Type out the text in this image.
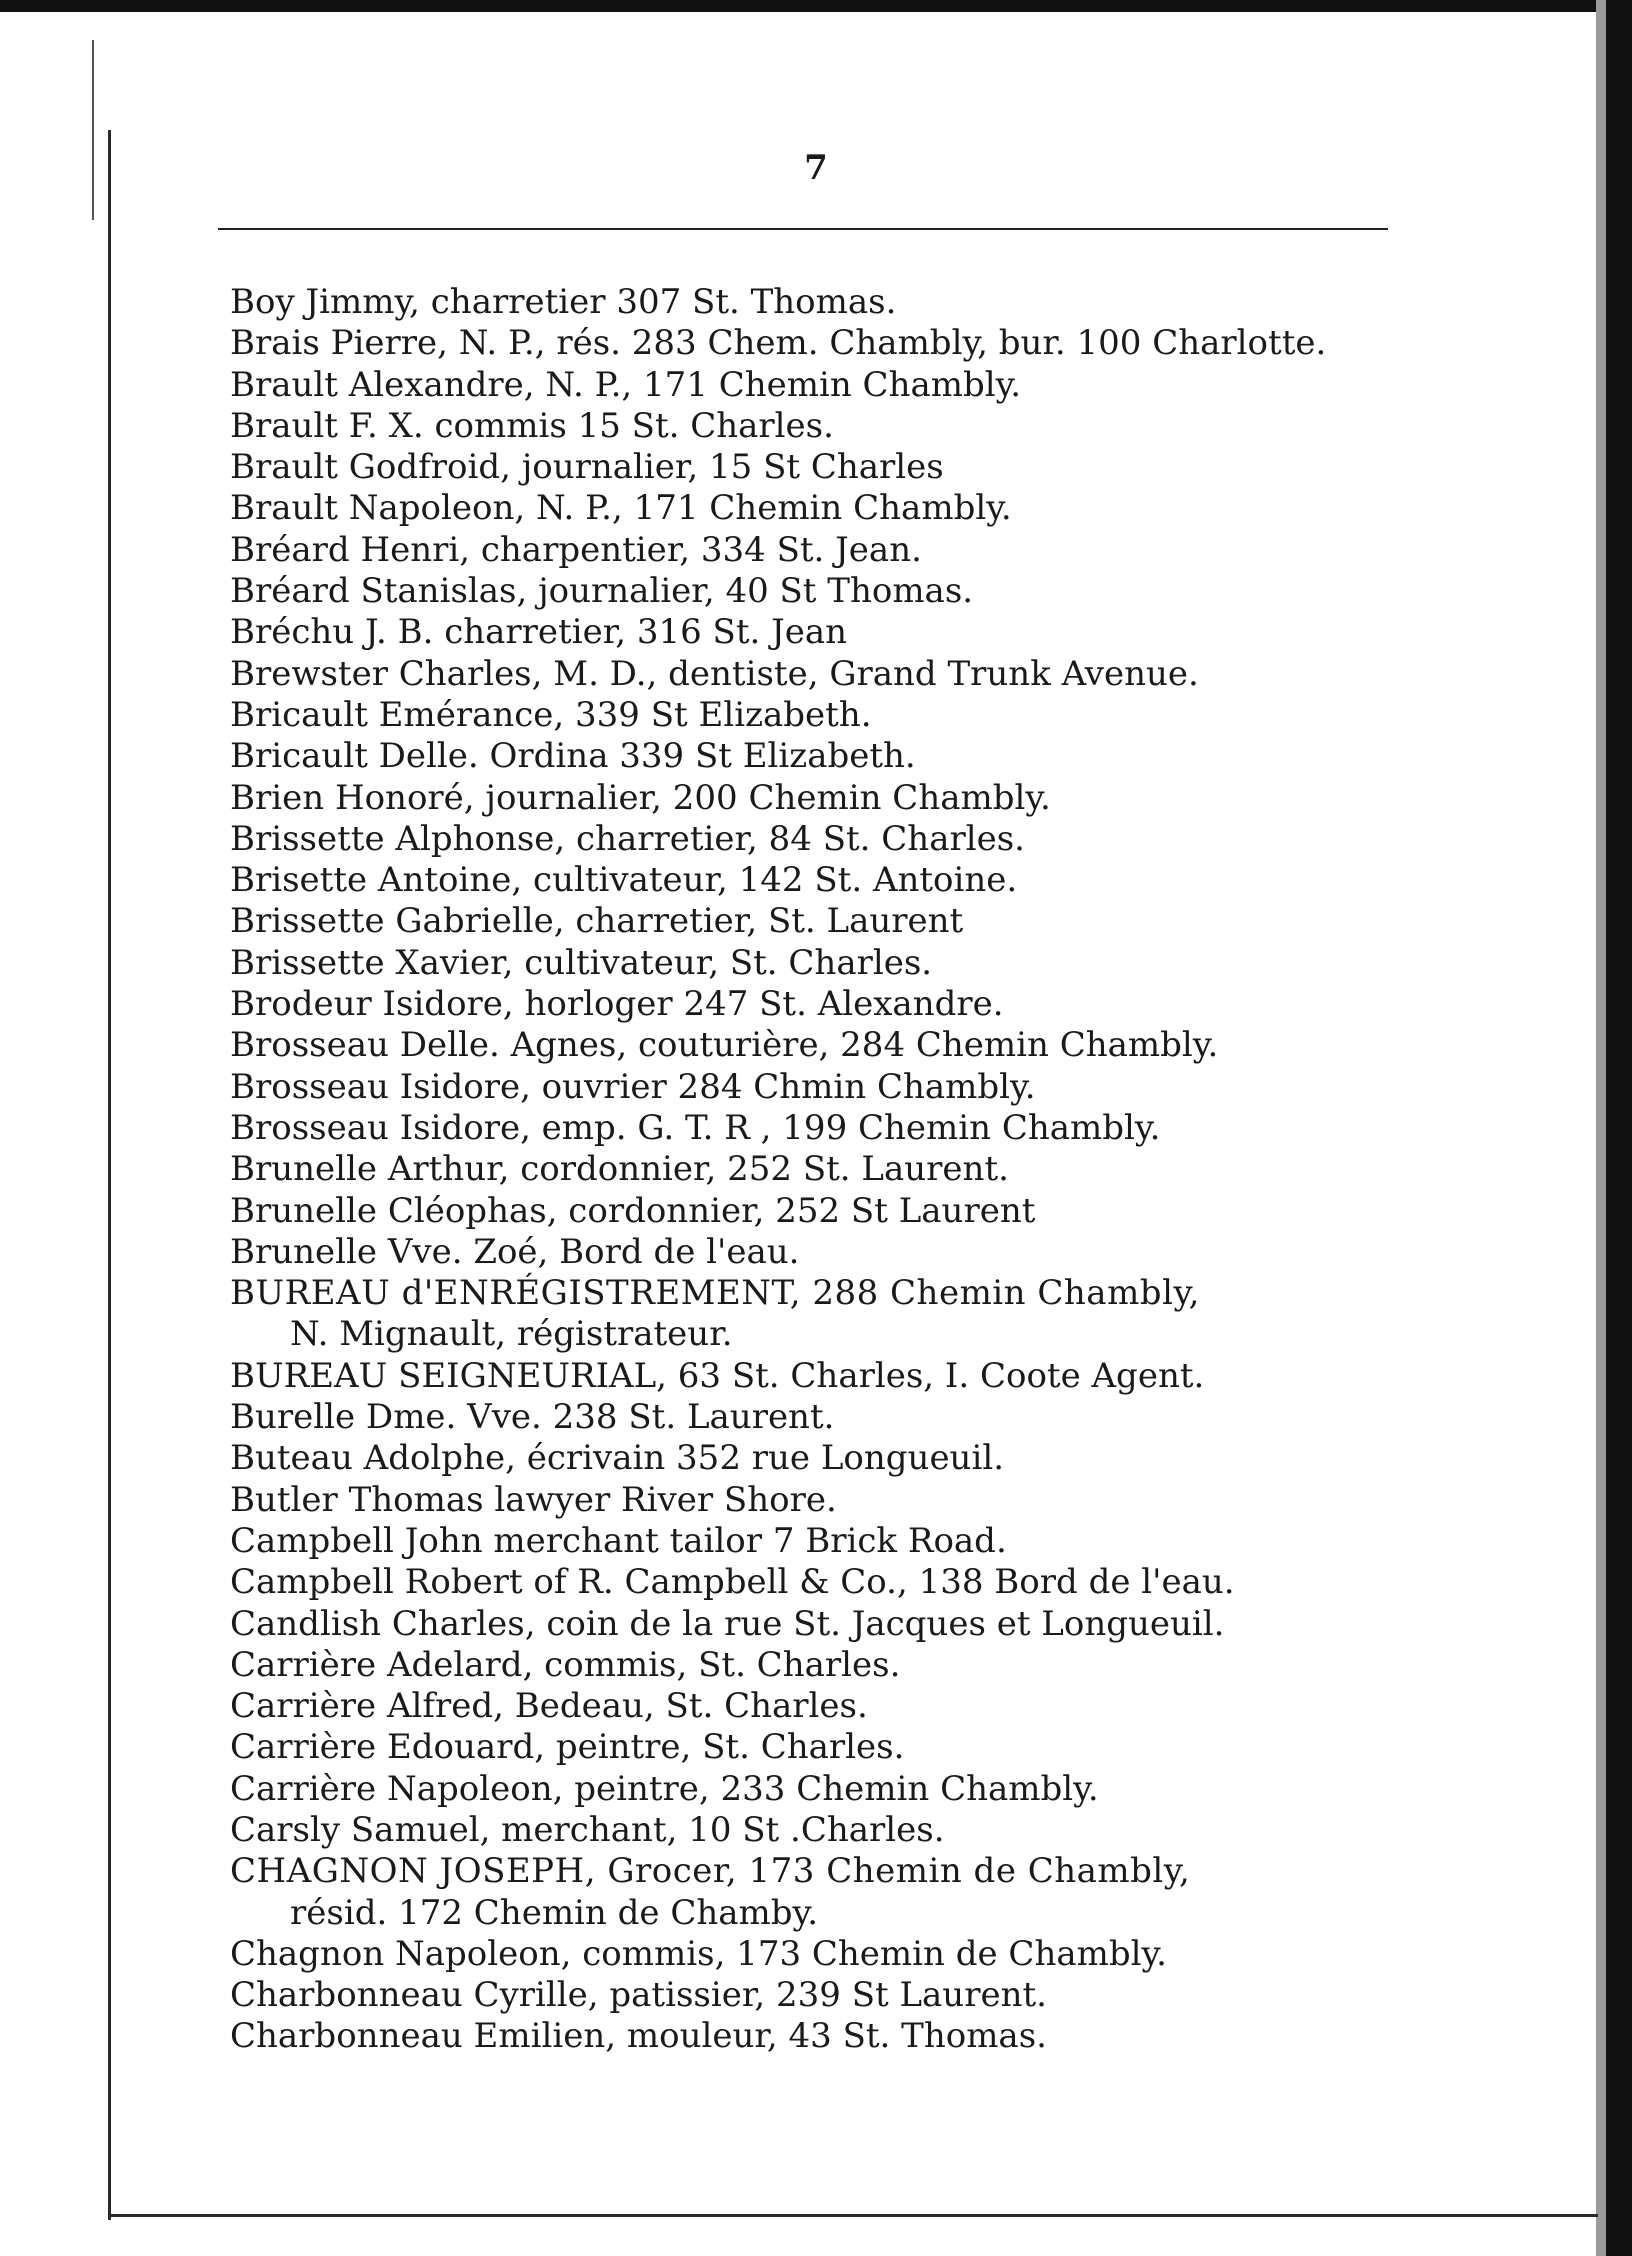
7
Boy Jimmy, charretier 307 St. Thomas.
Brais Pierre, N. P., rés. 283 Chem. Chambly, bur. 100 Charlotte.
Brault Alexandre, N. P., 171 Chemin Chambly.
Brault F. X. commis 15 St. Charles.
Brault Godfroid, journalier, 15 St Charles
Brault Napoleon, N. P., 171 Chemin Chambly.
Bréard Henri, charpentier, 334 St. Jean.
Bréard Stanislas, journalier, 40 St Thomas.
Bréchu J. B. charretier, 316 St. Jean
Brewster Charles, M. D., dentiste, Grand Trunk Avenue.
Bricault Emérance, 339 St Elizabeth.
Bricault Delle. Ordina 339 St Elizabeth.
Brien Honoré, journalier, 200 Chemin Chambly.
Brissette Alphonse, charretier, 84 St. Charles.
Brisette Antoine, cultivateur, 142 St. Antoine.
Brissette Gabrielle, charretier, St. Laurent
Brissette Xavier, cultivateur, St. Charles.
Brodeur Isidore, horloger 247 St. Alexandre.
Brosseau Delle. Agnes, couturière, 284 Chemin Chambly.
Brosseau Isidore, ouvrier 284 Chmin Chambly.
Brosseau Isidore, emp. G. T. R , 199 Chemin Chambly.
Brunelle Arthur, cordonnier, 252 St. Laurent.
Brunelle Cléophas, cordonnier, 252 St Laurent
Brunelle Vve. Zoé, Bord de l'eau.
BUREAU d'ENRÉGISTREMENT, 288 Chemin Chambly,
N. Mignault, régistrateur.
BUREAU SEIGNEURIAL, 63 St. Charles, I. Coote Agent.
Burelle Dme. Vve. 238 St. Laurent.
Buteau Adolphe, écrivain 352 rue Longueuil.
Butler Thomas lawyer River Shore.
Campbell John merchant tailor 7 Brick Road.
Campbell Robert of R. Campbell & Co., 138 Bord de l'eau.
Candlish Charles, coin de la rue St. Jacques et Longueuil.
Carrière Adelard, commis, St. Charles.
Carrière Alfred, Bedeau, St. Charles.
Carrière Edouard, peintre, St. Charles.
Carrière Napoleon, peintre, 233 Chemin Chambly.
Carsly Samuel, merchant, 10 St .Charles.
CHAGNON JOSEPH, Grocer, 173 Chemin de Chambly,
résid. 172 Chemin de Chamby.
Chagnon Napoleon, commis, 173 Chemin de Chambly.
Charbonneau Cyrille, patissier, 239 St Laurent.
Charbonneau Emilien, mouleur, 43 St. Thomas.
